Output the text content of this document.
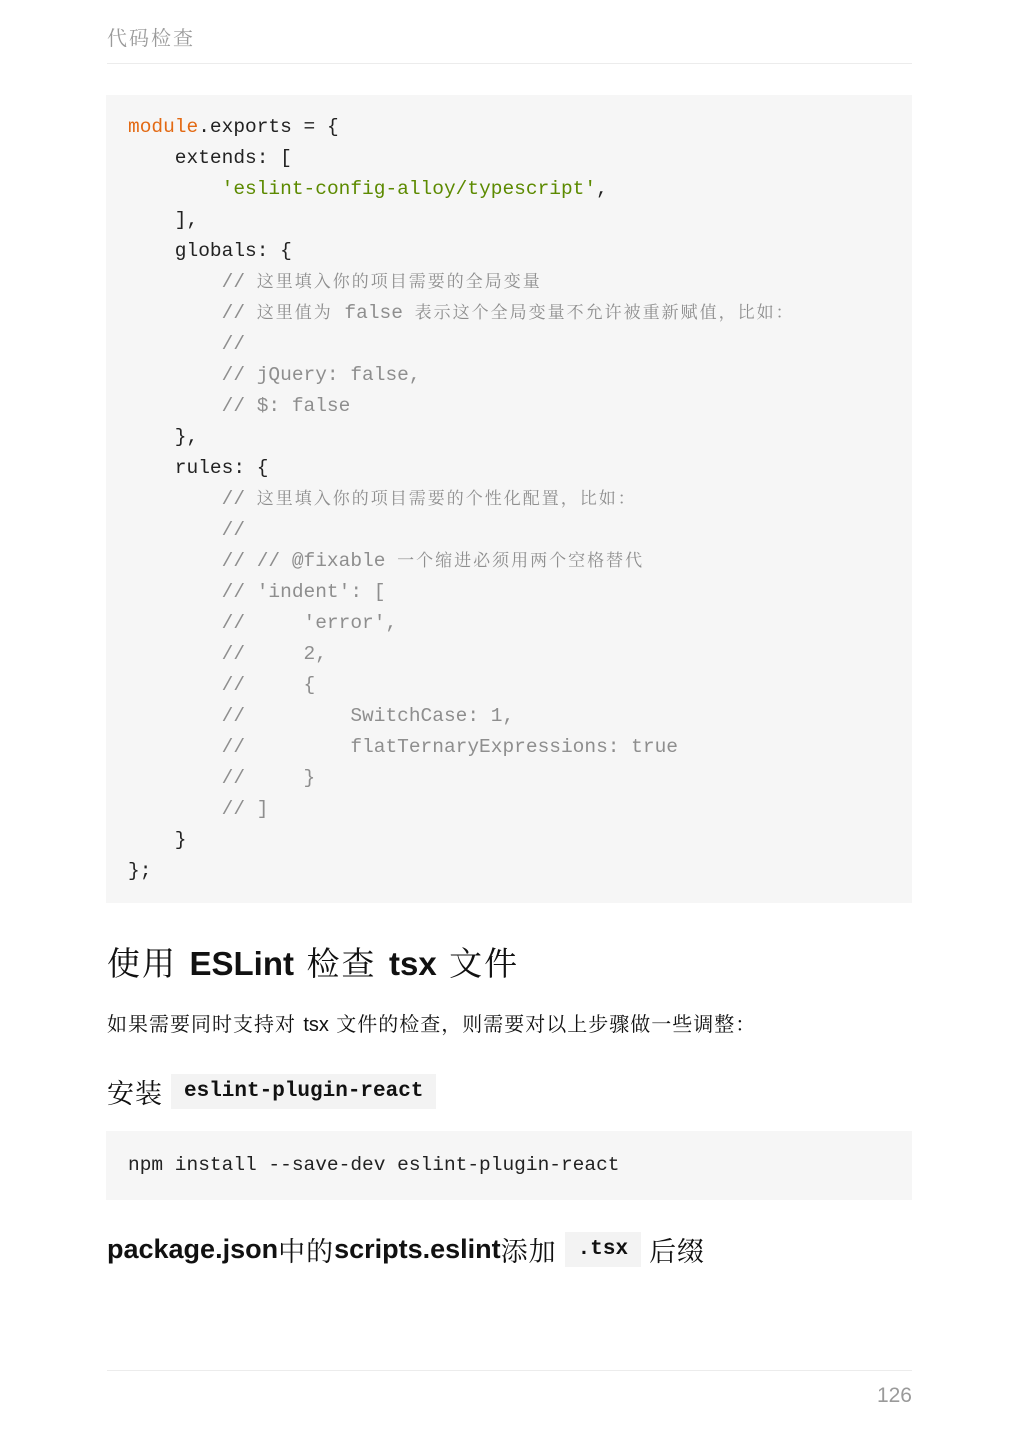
代码检查
module.exports = {
extends: [
'eslint-config-alloy/typescript',
],
globals: {
// 这里填入你的项目需要的全局变量
// 这里值为 false 表示这个全局变量不允许被重新赋值，比如：
//
// jQuery: false,
// $: false
},
rules: {
// 这里填入你的项目需要的个性化配置，比如：
//
// // @fixable 一个缩进必须用两个空格替代
// 'indent': [
//     'error',
//     2,
//     {
//         SwitchCase: 1,
//         flatTernaryExpressions: true
//     }
// ]
}
};
使用 ESLint 检查 tsx 文件
如果需要同时支持对 tsx 文件的检查，则需要对以上步骤做一些调整：
安装	eslint-plugin-react
npm install --save-dev eslint-plugin-react
package.json 中的 scripts.eslint 添加	.tsx 后缀
126
